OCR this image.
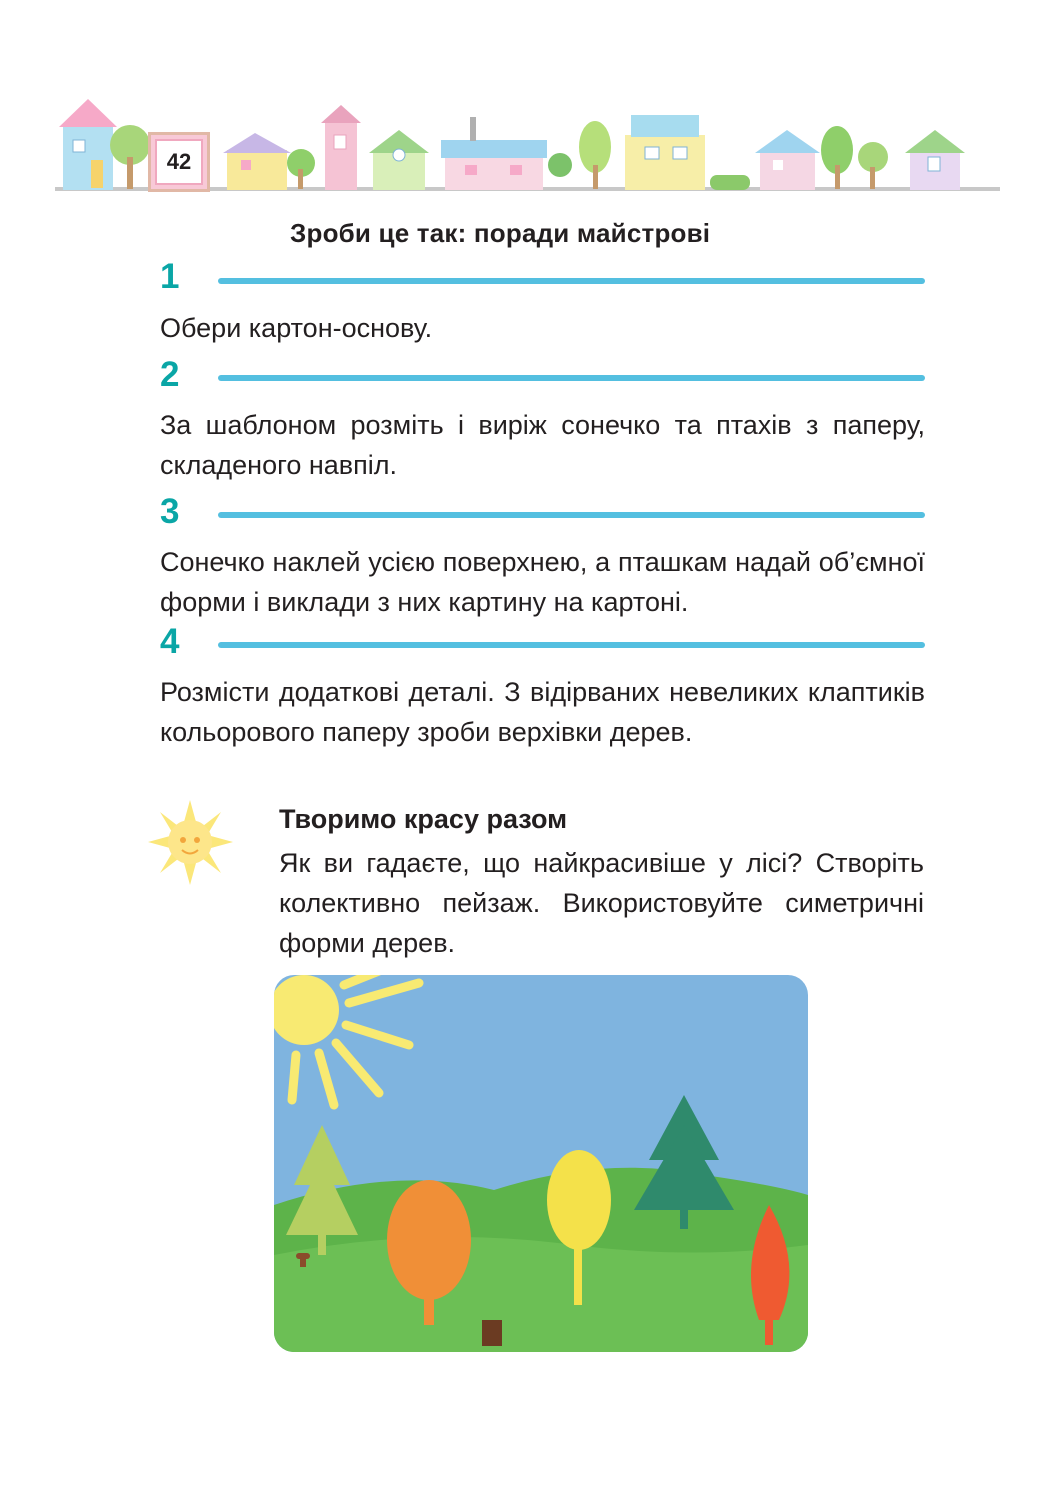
42
Зроби це так: поради майстрові
1
Обери картон-основу.
2
За шаблоном розміть і виріж сонечко та птахів з паперу, складеного навпіл.
3
Сонечко наклей усією поверхнею, а пташкам надай об’ємної форми і виклади з них картину на картоні.
4
Розмісти додаткові деталі. З відірваних невеликих клаптиків кольорового паперу зроби верхівки дерев.
Творимо красу разом
Як ви гадаєте, що найкрасивіше у лісі? Створіть колективно пейзаж. Використовуйте симетричні форми дерев.
